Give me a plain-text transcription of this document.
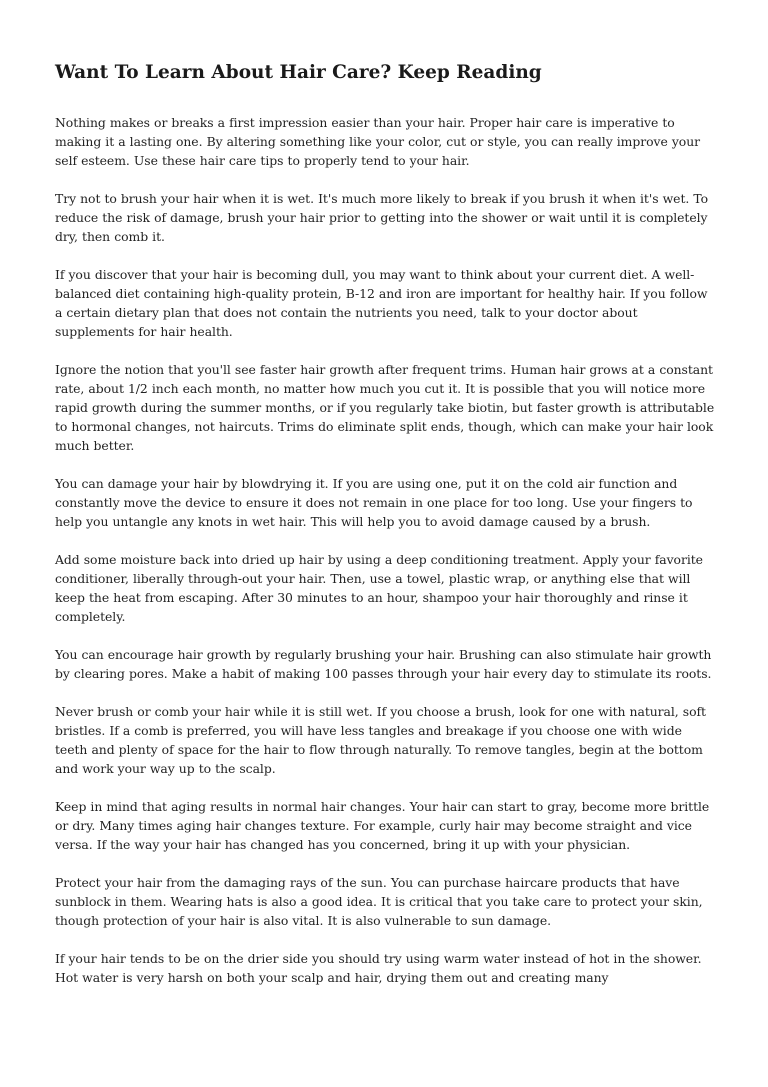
Want To Learn About Hair Care? Keep Reading

Nothing makes or breaks a first impression easier than your hair. Proper hair care is imperative to making it a lasting one. By altering something like your color, cut or style, you can really improve your self esteem. Use these hair care tips to properly tend to your hair.

Try not to brush your hair when it is wet. It's much more likely to break if you brush it when it's wet. To reduce the risk of damage, brush your hair prior to getting into the shower or wait until it is completely dry, then comb it.

If you discover that your hair is becoming dull, you may want to think about your current diet. A well-balanced diet containing high-quality protein, B-12 and iron are important for healthy hair. If you follow a certain dietary plan that does not contain the nutrients you need, talk to your doctor about supplements for hair health.

Ignore the notion that you'll see faster hair growth after frequent trims. Human hair grows at a constant rate, about 1/2 inch each month, no matter how much you cut it. It is possible that you will notice more rapid growth during the summer months, or if you regularly take biotin, but faster growth is attributable to hormonal changes, not haircuts. Trims do eliminate split ends, though, which can make your hair look much better.

You can damage your hair by blowdrying it. If you are using one, put it on the cold air function and constantly move the device to ensure it does not remain in one place for too long. Use your fingers to help you untangle any knots in wet hair. This will help you to avoid damage caused by a brush.

Add some moisture back into dried up hair by using a deep conditioning treatment. Apply your favorite conditioner, liberally through-out your hair. Then, use a towel, plastic wrap, or anything else that will keep the heat from escaping. After 30 minutes to an hour, shampoo your hair thoroughly and rinse it completely.

You can encourage hair growth by regularly brushing your hair. Brushing can also stimulate hair growth by clearing pores. Make a habit of making 100 passes through your hair every day to stimulate its roots.

Never brush or comb your hair while it is still wet. If you choose a brush, look for one with natural, soft bristles. If a comb is preferred, you will have less tangles and breakage if you choose one with wide teeth and plenty of space for the hair to flow through naturally. To remove tangles, begin at the bottom and work your way up to the scalp.

Keep in mind that aging results in normal hair changes. Your hair can start to gray, become more brittle or dry. Many times aging hair changes texture. For example, curly hair may become straight and vice versa. If the way your hair has changed has you concerned, bring it up with your physician.

Protect your hair from the damaging rays of the sun. You can purchase haircare products that have sunblock in them. Wearing hats is also a good idea. It is critical that you take care to protect your skin, though protection of your hair is also vital. It is also vulnerable to sun damage.

If your hair tends to be on the drier side you should try using warm water instead of hot in the shower. Hot water is very harsh on both your scalp and hair, drying them out and creating many
